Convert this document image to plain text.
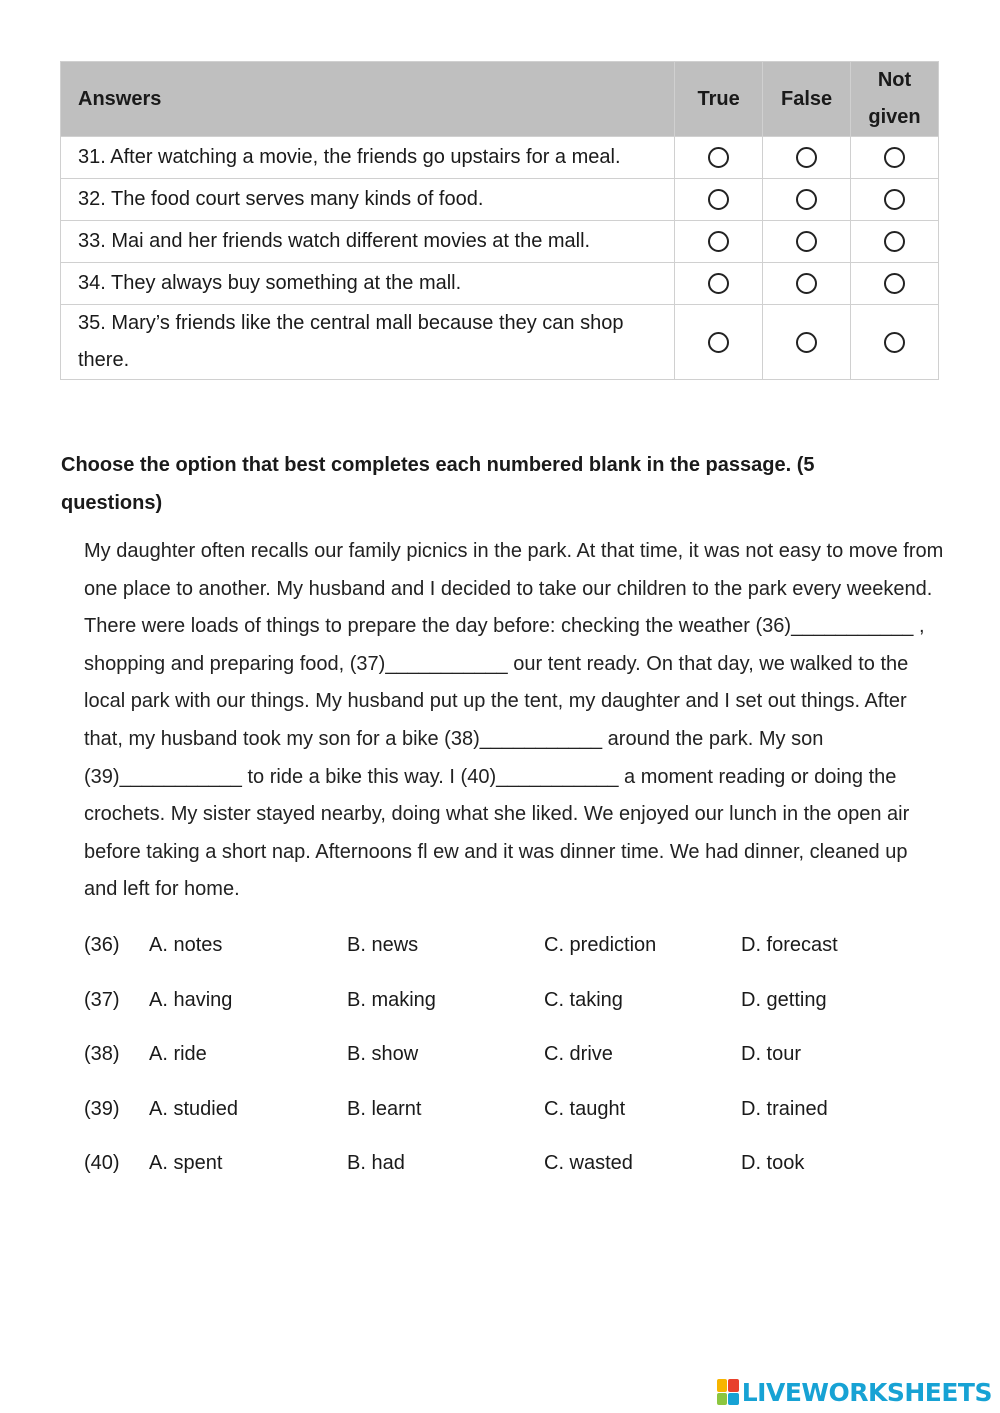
Answers	True	False	Not
given
31. After watching a movie, the friends go upstairs for a meal.			
32. The food court serves many kinds of food.			
33. Mai and her friends watch different movies at the mall.			
34. They always buy something at the mall.			
35. Mary’s friends like the central mall because they can shop there.			

Choose the option that best completes each numbered blank in the passage. (5 questions)

My daughter often recalls our family picnics in the park. At that time, it was not easy to move from one place to another. My husband and I decided to take our children to the park every weekend. There were loads of things to prepare the day before: checking the weather (36)___________ , shopping and preparing food, (37)___________ our tent ready. On that day, we walked to the local park with our things. My husband put up the tent, my daughter and I set out things. After that, my husband took my son for a bike (38)___________ around the park. My son (39)___________ to ride a bike this way. I (40)___________ a moment reading or doing the crochets. My sister stayed nearby, doing what she liked. We enjoyed our lunch in the open air before taking a short nap. Afternoons fl ew and it was dinner time. We had dinner, cleaned up and left for home.

(36) A. notes	B. news	C. prediction	D. forecast
(37) A. having	B. making	C. taking	D. getting
(38) A. ride	B. show	C. drive	D. tour
(39) A. studied	B. learnt	C. taught	D. trained
(40) A. spent	B. had	C. wasted	D. took
LIVEWORKSHEETS
